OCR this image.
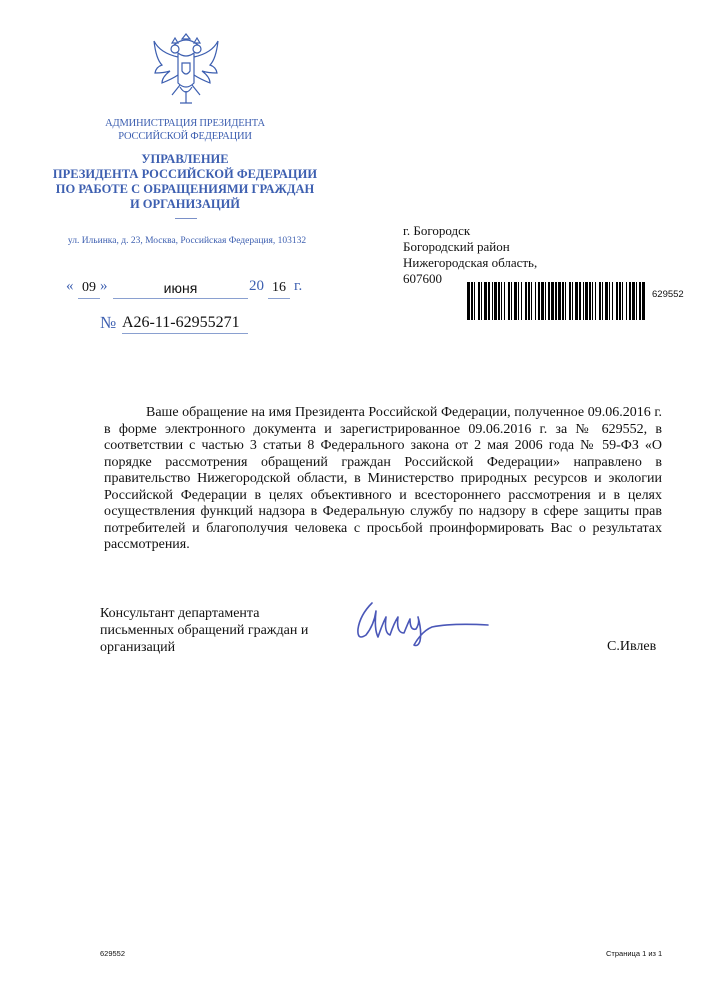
АДМИНИСТРАЦИЯ ПРЕЗИДЕНТА
РОССИЙСКОЙ ФЕДЕРАЦИИ
УПРАВЛЕНИЕ
ПРЕЗИДЕНТА РОССИЙСКОЙ ФЕДЕРАЦИИ
ПО РАБОТЕ С ОБРАЩЕНИЯМИ ГРАЖДАН
И ОРГАНИЗАЦИЙ
ул. Ильинка, д. 23, Москва, Российская Федерация, 103132
« 09 »	июня	20 16 г.
№ А26-11-62955271
г. Богородск
Богородский район
Нижегородская область,
607600
629552

Ваше обращение на имя Президента Российской Федерации, полученное 09.06.2016 г. в форме электронного документа и зарегистрированное 09.06.2016 г. за № 629552, в соответствии с частью 3 статьи 8 Федерального закона от 2 мая 2006 года № 59-ФЗ «О порядке рассмотрения обращений граждан Российской Федерации» направлено в правительство Нижегородской области, в Министерство природных ресурсов и экологии Российской Федерации в целях объективного и всестороннего рассмотрения и в целях осуществления функций надзора в Федеральную службу по надзору в сфере защиты прав потребителей и благополучия человека с просьбой проинформировать Вас о результатах рассмотрения.

Консультант департамента
письменных обращений граждан и
организаций	С.Ивлев
629552	Страница 1 из 1
